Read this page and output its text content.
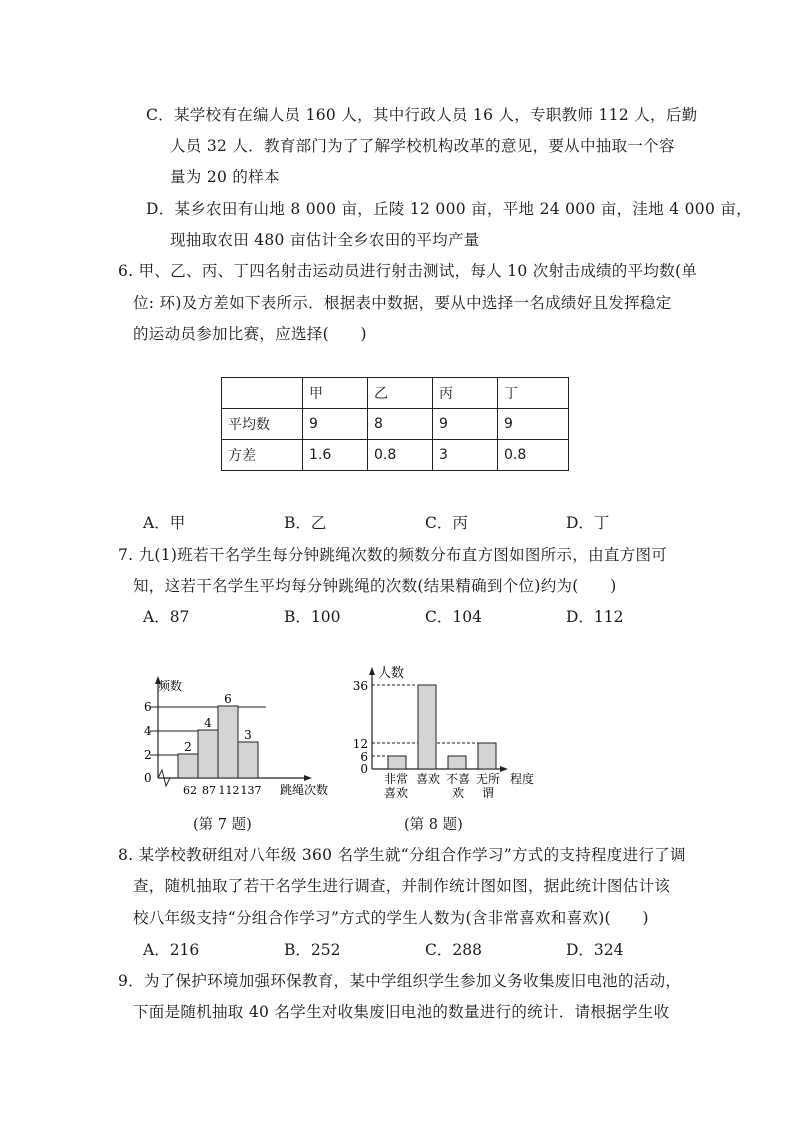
C．某学校有在编人员 160 人，其中行政人员 16 人，专职教师 112 人，后勤
人员 32 人．教育部门为了了解学校机构改革的意见，要从中抽取一个容
量为 20 的样本
D．某乡农田有山地 8 000 亩，丘陵 12 000 亩，平地 24 000 亩，洼地 4 000 亩，
现抽取农田 480 亩估计全乡农田的平均产量
6. 甲、乙、丙、丁四名射击运动员进行射击测试，每人 10 次射击成绩的平均数(单
位: 环)及方差如下表所示．根据表中数据，要从中选择一名成绩好且发挥稳定
的运动员参加比赛，应选择(　　)
	甲	乙	丙	丁
平均数	9	8	9	9
方差	1.6	0.8	3	0.8
A．甲	B．乙	C．丙	D．丁
7. 九(1)班若干名学生每分钟跳绳次数的频数分布直方图如图所示，由直方图可
知，这若干名学生平均每分钟跳绳的次数(结果精确到个位)约为(　　)
A．87	B．100	C．104	D．112
频数
跳绳次数
0
2
4
6
2
4
6
3
62 87 112 137
(第 7 题)
人数
程度
0
6
12
36
非常
喜欢
喜欢 不喜
欢
无所
谓
(第 8 题)
8. 某学校教研组对八年级 360 名学生就“分组合作学习”方式的支持程度进行了调
查，随机抽取了若干名学生进行调查，并制作统计图如图，据此统计图估计该
校八年级支持“分组合作学习”方式的学生人数为(含非常喜欢和喜欢)(　　)
A．216	B．252	C．288	D．324
9．为了保护环境加强环保教育，某中学组织学生参加义务收集废旧电池的活动，
下面是随机抽取 40 名学生对收集废旧电池的数量进行的统计．请根据学生收
